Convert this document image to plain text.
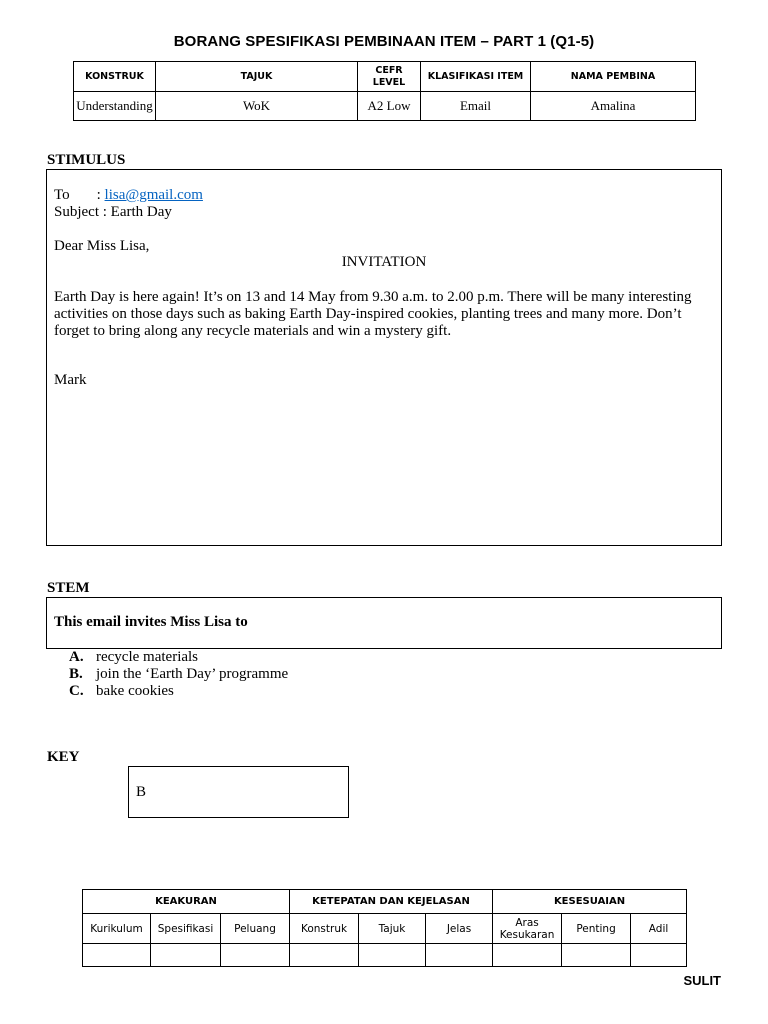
BORANG SPESIFIKASI PEMBINAAN ITEM – PART 1 (Q1-5)
KONSTRUK	TAJUK	CEFR LEVEL	KLASIFIKASI ITEM	NAMA PEMBINA
Understanding	WoK	A2 Low	Email	Amalina
STIMULUS
To : lisa@gmail.com
Subject : Earth Day
Dear Miss Lisa,
INVITATION
Earth Day is here again! It’s on 13 and 14 May from 9.30 a.m. to 2.00 p.m. There will be many interesting activities on those days such as baking Earth Day-inspired cookies, planting trees and many more. Don’t forget to bring along any recycle materials and win a mystery gift.
Mark
STEM
This email invites Miss Lisa to
A. recycle materials
B. join the ‘Earth Day’ programme
C. bake cookies
KEY
B
KEAKURAN			KETEPATAN DAN KEJELASAN			KESESUAIAN		
Kurikulum	Spesifikasi	Peluang	Konstruk	Tajuk	Jelas	Aras Kesukaran	Penting	Adil

SULIT
